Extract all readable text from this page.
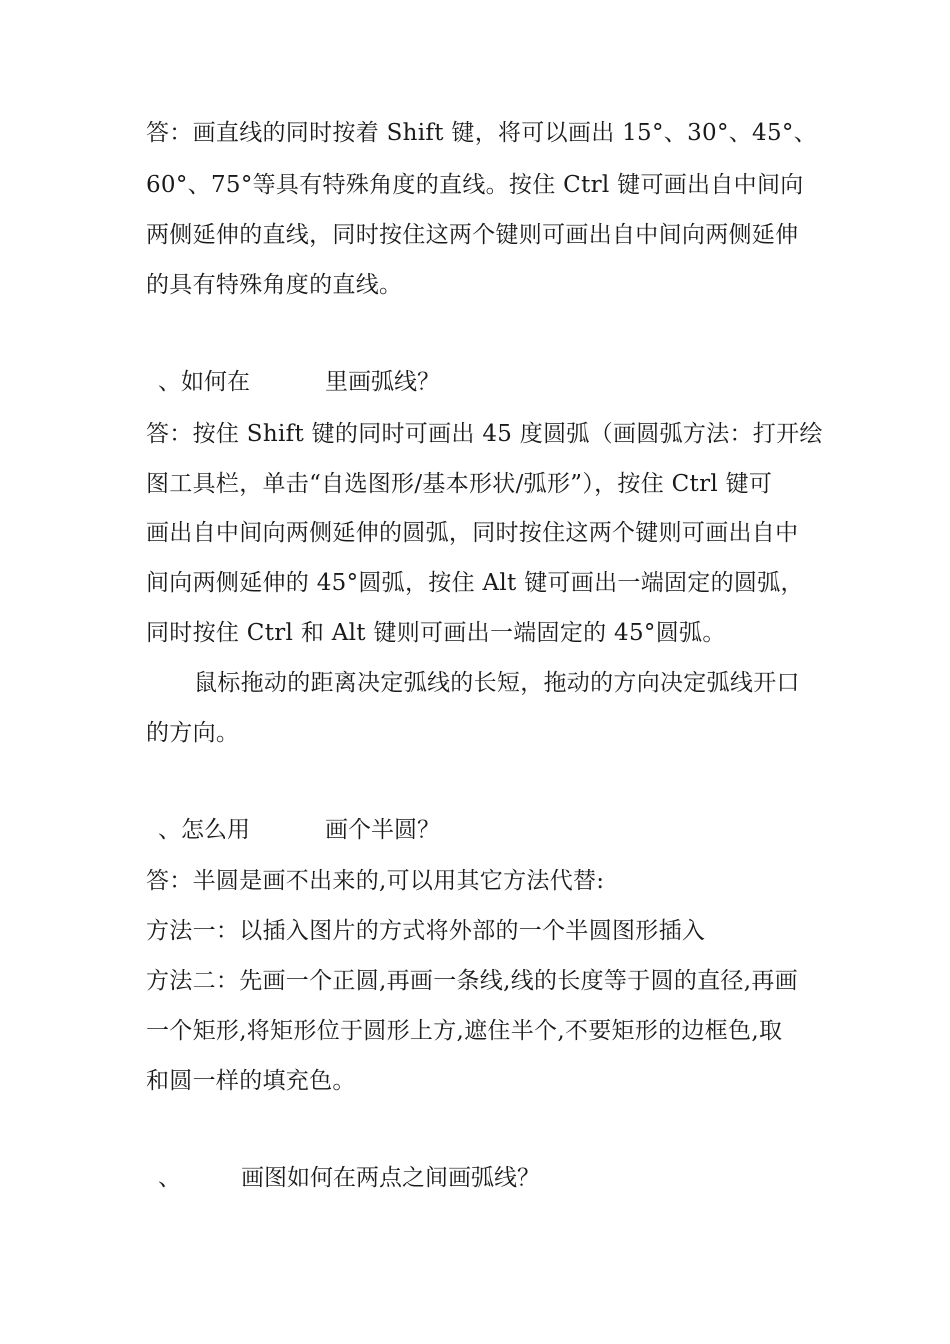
答：画直线的同时按着 Shift 键，将可以画出 15°、30°、45°、
60°、75°等具有特殊角度的直线。按住 Ctrl 键可画出自中间向
两侧延伸的直线，同时按住这两个键则可画出自中间向两侧延伸
的具有特殊角度的直线。
、如何在	里画弧线？
答：按住 Shift 键的同时可画出 45 度圆弧（画圆弧方法：打开绘
图工具栏，单击“自选图形/基本形状/弧形”），按住 Ctrl 键可
画出自中间向两侧延伸的圆弧，同时按住这两个键则可画出自中
间向两侧延伸的 45°圆弧，按住 Alt 键可画出一端固定的圆弧，
同时按住 Ctrl 和 Alt 键则可画出一端固定的 45°圆弧。
鼠标拖动的距离决定弧线的长短，拖动的方向决定弧线开口
的方向。
、怎么用	画个半圆？
答：半圆是画不出来的,可以用其它方法代替:
方法一：以插入图片的方式将外部的一个半圆图形插入
方法二：先画一个正圆,再画一条线,线的长度等于圆的直径,再画
一个矩形,将矩形位于圆形上方,遮住半个,不要矩形的边框色,取
和圆一样的填充色。
、	画图如何在两点之间画弧线？
